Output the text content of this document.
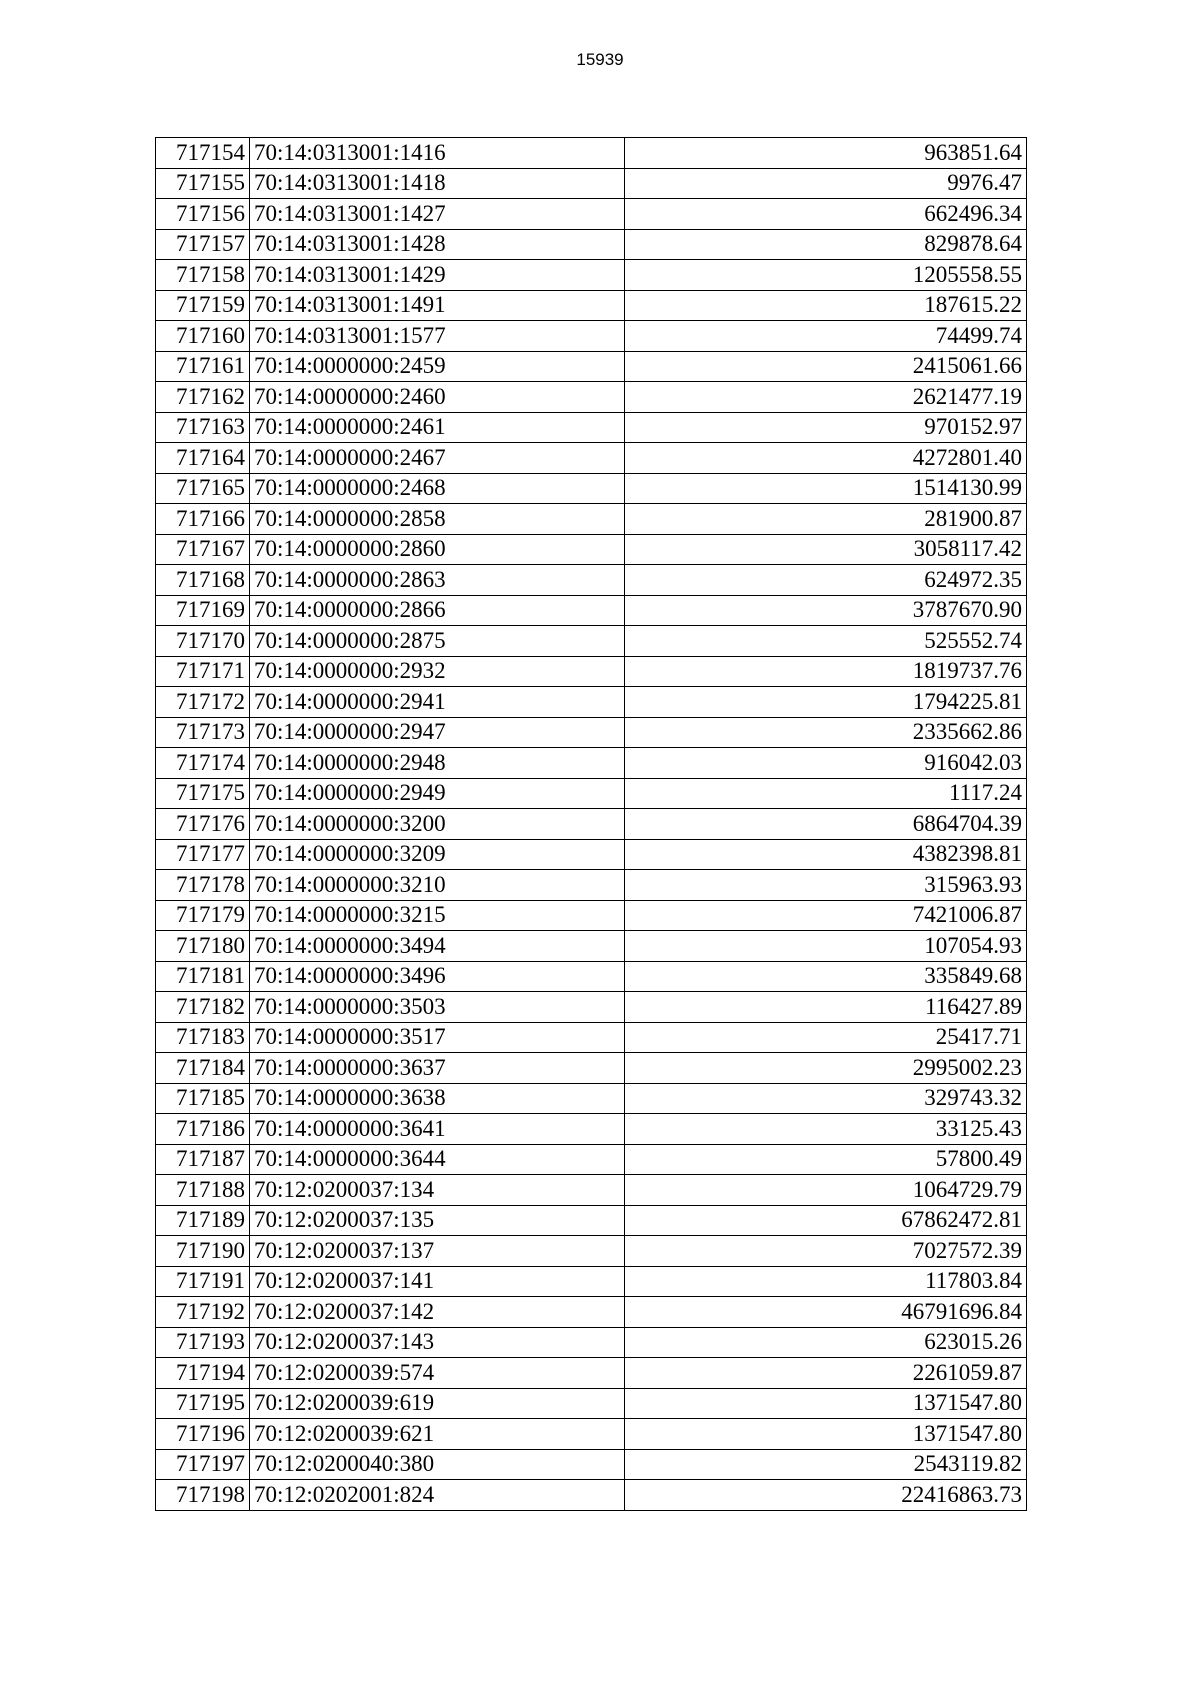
15939
717154	70:14:0313001:1416	963851.64
717155	70:14:0313001:1418	9976.47
717156	70:14:0313001:1427	662496.34
717157	70:14:0313001:1428	829878.64
717158	70:14:0313001:1429	1205558.55
717159	70:14:0313001:1491	187615.22
717160	70:14:0313001:1577	74499.74
717161	70:14:0000000:2459	2415061.66
717162	70:14:0000000:2460	2621477.19
717163	70:14:0000000:2461	970152.97
717164	70:14:0000000:2467	4272801.40
717165	70:14:0000000:2468	1514130.99
717166	70:14:0000000:2858	281900.87
717167	70:14:0000000:2860	3058117.42
717168	70:14:0000000:2863	624972.35
717169	70:14:0000000:2866	3787670.90
717170	70:14:0000000:2875	525552.74
717171	70:14:0000000:2932	1819737.76
717172	70:14:0000000:2941	1794225.81
717173	70:14:0000000:2947	2335662.86
717174	70:14:0000000:2948	916042.03
717175	70:14:0000000:2949	1117.24
717176	70:14:0000000:3200	6864704.39
717177	70:14:0000000:3209	4382398.81
717178	70:14:0000000:3210	315963.93
717179	70:14:0000000:3215	7421006.87
717180	70:14:0000000:3494	107054.93
717181	70:14:0000000:3496	335849.68
717182	70:14:0000000:3503	116427.89
717183	70:14:0000000:3517	25417.71
717184	70:14:0000000:3637	2995002.23
717185	70:14:0000000:3638	329743.32
717186	70:14:0000000:3641	33125.43
717187	70:14:0000000:3644	57800.49
717188	70:12:0200037:134	1064729.79
717189	70:12:0200037:135	67862472.81
717190	70:12:0200037:137	7027572.39
717191	70:12:0200037:141	117803.84
717192	70:12:0200037:142	46791696.84
717193	70:12:0200037:143	623015.26
717194	70:12:0200039:574	2261059.87
717195	70:12:0200039:619	1371547.80
717196	70:12:0200039:621	1371547.80
717197	70:12:0200040:380	2543119.82
717198	70:12:0202001:824	22416863.73
